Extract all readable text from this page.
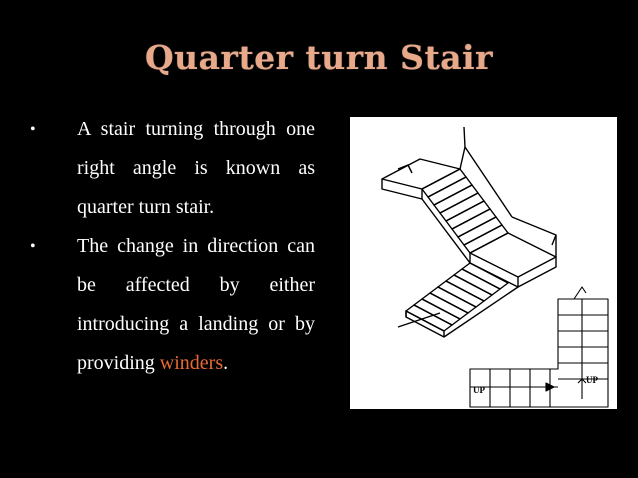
Quarter turn Stair
• A stair turning through one right angle is known as quarter turn stair.
• The change in direction can be affected by either introducing a landing or by providing winders.
UP
UP
